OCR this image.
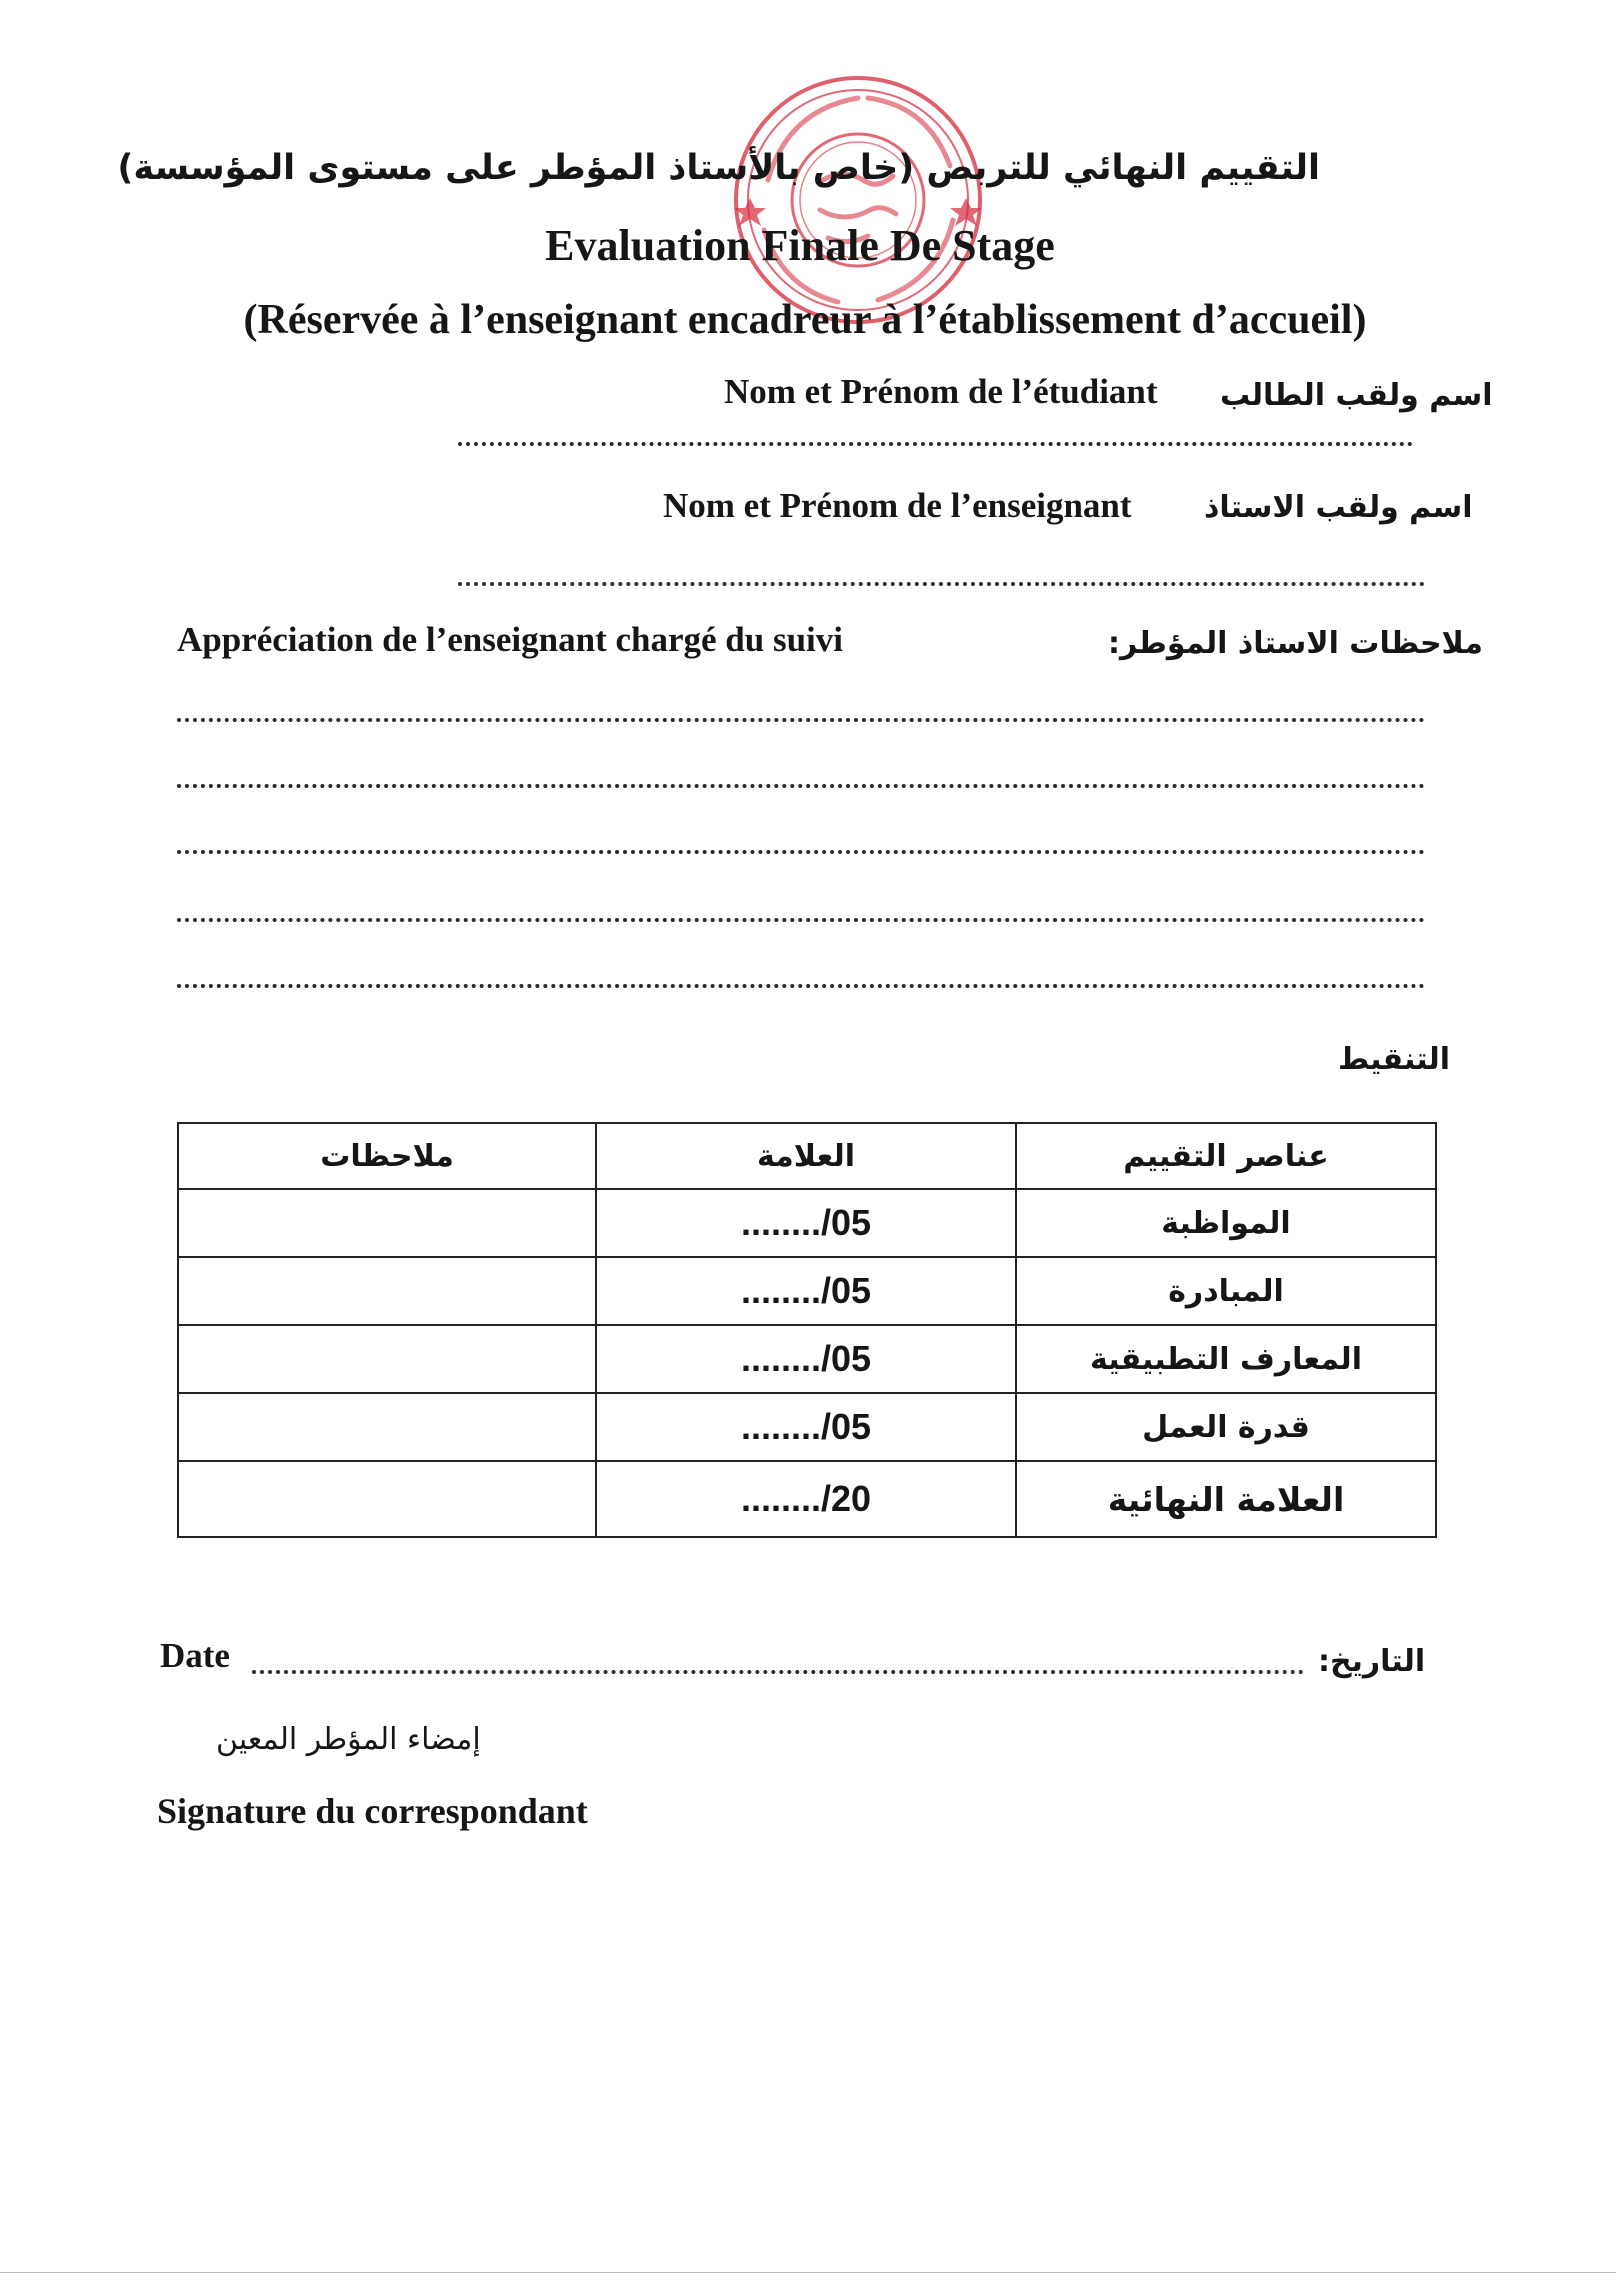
التقييم النهائي للتربص (خاص بالأستاذ المؤطر على مستوى المؤسسة)
Evaluation Finale De Stage
(Réservée à l’enseignant encadreur à l’établissement d’accueil)
Nom et Prénom de l’étudiant اسم ولقب الطالب
Nom et Prénom de l’enseignant اسم ولقب الاستاذ
Appréciation de l’enseignant chargé du suivi	ملاحظات الاستاذ المؤطر:
التنقيط
ملاحظات	العلامة	عناصر التقييم
	......../05	المواظبة
	......../05	المبادرة
	......../05	المعارف التطبيقية
	......../05	قدرة العمل
	......../20	العلامة النهائية
Date	التاريخ:
إمضاء المؤطر المعين
Signature du correspondant
